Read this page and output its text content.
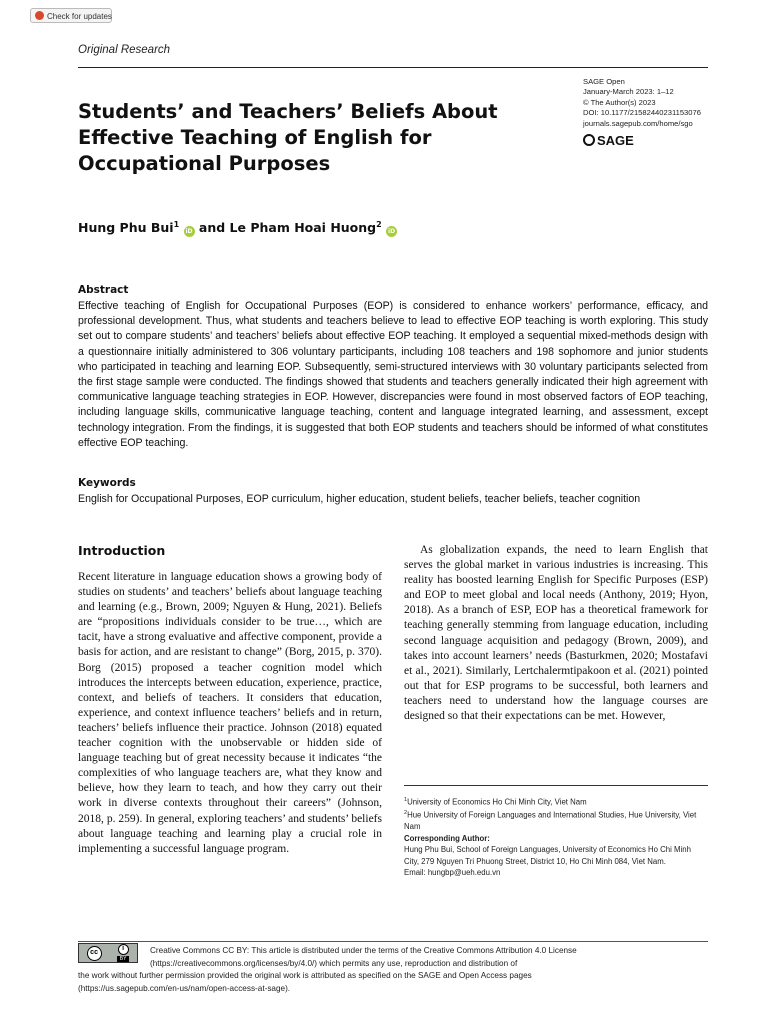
Check for updates
Original Research
Students’ and Teachers’ Beliefs About
Effective Teaching of English for
Occupational Purposes
SAGE Open
January-March 2023: 1–12
© The Author(s) 2023
DOI: 10.1177/21582440231153076
journals.sagepub.com/home/sgo
SAGE
Hung Phu Bui$^1$ iD and Le Pham Hoai Huong$^2$ iD
Abstract
Effective teaching of English for Occupational Purposes (EOP) is considered to enhance workers’ performance, efficacy, and professional development. Thus, what students and teachers believe to lead to effective EOP teaching is worth exploring. This study set out to compare students’ and teachers’ beliefs about effective EOP teaching. It employed a sequential mixed-methods design with a questionnaire initially administered to 306 voluntary participants, including 108 teachers and 198 sophomore and junior students who participated in teaching and learning EOP. Subsequently, semi-structured interviews with 30 voluntary participants selected from the first stage sample were conducted. The findings showed that students and teachers generally indicated their high agreement with communicative language teaching strategies in EOP. However, discrepancies were found in most observed factors of EOP teaching, including language skills, communicative language teaching, content and language integrated learning, and assessment, except technology integration. From the findings, it is suggested that both EOP students and teachers should be informed of what constitutes effective EOP teaching.
Keywords
English for Occupational Purposes, EOP curriculum, higher education, student beliefs, teacher beliefs, teacher cognition
Introduction

Recent literature in language education shows a growing body of studies on students’ and teachers’ beliefs about language teaching and learning (e.g., Brown, 2009; Nguyen & Hung, 2021). Beliefs are “propositions individuals consider to be true…, which are tacit, have a strong evaluative and affective component, provide a basis for action, and are resistant to change” (Borg, 2015, p. 370). Borg (2015) proposed a teacher cognition model which introduces the intercepts between education, experience, practice, context, and beliefs of teachers. It considers that education, experience, and context influence teachers’ beliefs and in return, teachers’ beliefs influence their practice. Johnson (2018) equated teacher cognition with the unobservable or hidden side of language teaching but of great necessity because it indicates “the complexities of who language teachers are, what they know and believe, how they learn to teach, and how they carry out their work in diverse contexts throughout their careers” (Johnson, 2018, p. 259). In general, exploring teachers’ and students’ beliefs about language teaching and learning play a crucial role in implementing a successful language program.

As globalization expands, the need to learn English that serves the global market in various industries is increasing. This reality has boosted learning English for Specific Purposes (ESP) and EOP to meet global and local needs (Anthony, 2019; Hyon, 2018). As a branch of ESP, EOP has a theoretical framework for teaching generally stemming from language education, including second language acquisition and pedagogy (Brown, 2009), and takes into account learners’ needs (Basturkmen, 2020; Mostafavi et al., 2021). Similarly, Lertchalermtipakoon et al. (2021) pointed out that for ESP programs to be successful, both learners and teachers need to understand how the language courses are designed so that their expectations can be met. However,

$^1$University of Economics Ho Chi Minh City, Viet Nam
$^2$Hue University of Foreign Languages and International Studies, Hue University, Viet Nam
Corresponding Author:
Hung Phu Bui, School of Foreign Languages, University of Economics Ho Chi Minh City, 279 Nguyen Tri Phuong Street, District 10, Ho Chi Minh 084, Viet Nam.
Email: hungbp@ueh.edu.vn
cc	i
BY
Creative Commons CC BY: This article is distributed under the terms of the Creative Commons Attribution 4.0 License
(https://creativecommons.org/licenses/by/4.0/) which permits any use, reproduction and distribution of
the work without further permission provided the original work is attributed as specified on the SAGE and Open Access pages
(https://us.sagepub.com/en-us/nam/open-access-at-sage).
